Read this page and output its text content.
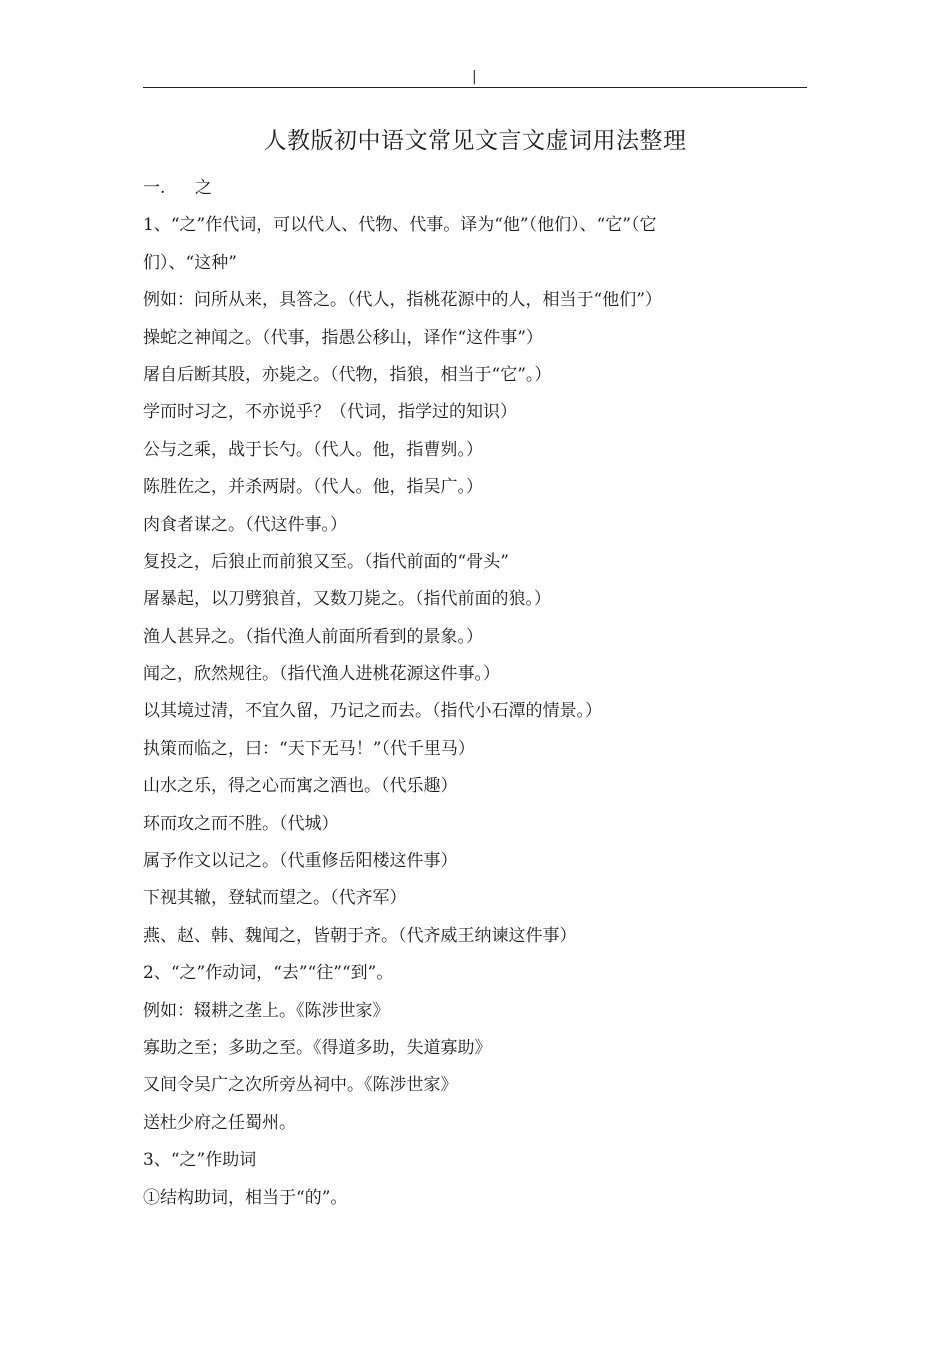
|
人教版初中语文常见文言文虚词用法整理
一. 之
1、“之”作代词，可以代人、代物、代事。译为“他”（他们）、“它”（它
们）、“这种”
例如：问所从来，具答之。（代人，指桃花源中的人，相当于“他们”）
操蛇之神闻之。（代事，指愚公移山，译作“这件事”）
屠自后断其股，亦毙之。（代物，指狼，相当于“它”。）
学而时习之，不亦说乎？（代词，指学过的知识）
公与之乘，战于长勺。（代人。他，指曹刿。）
陈胜佐之，并杀两尉。（代人。他，指吴广。）
肉食者谋之。（代这件事。）
复投之，后狼止而前狼又至。（指代前面的“骨头”
屠暴起，以刀劈狼首，又数刀毙之。（指代前面的狼。）
渔人甚异之。（指代渔人前面所看到的景象。）
闻之，欣然规往。（指代渔人进桃花源这件事。）
以其境过清，不宜久留，乃记之而去。（指代小石潭的情景。）
执策而临之，曰：“天下无马！”（代千里马）
山水之乐，得之心而寓之酒也。（代乐趣）
环而攻之而不胜。（代城）
属予作文以记之。（代重修岳阳楼这件事）
下视其辙，登轼而望之。（代齐军）
燕、赵、韩、魏闻之，皆朝于齐。（代齐威王纳谏这件事）
2、“之”作动词，“去”“往”“到”。
例如：辍耕之垄上。《陈涉世家》
寡助之至；多助之至。《得道多助，失道寡助》
又间令吴广之次所旁丛祠中。《陈涉世家》
送杜少府之任蜀州。
3、“之”作助词
①结构助词，相当于“的”。
